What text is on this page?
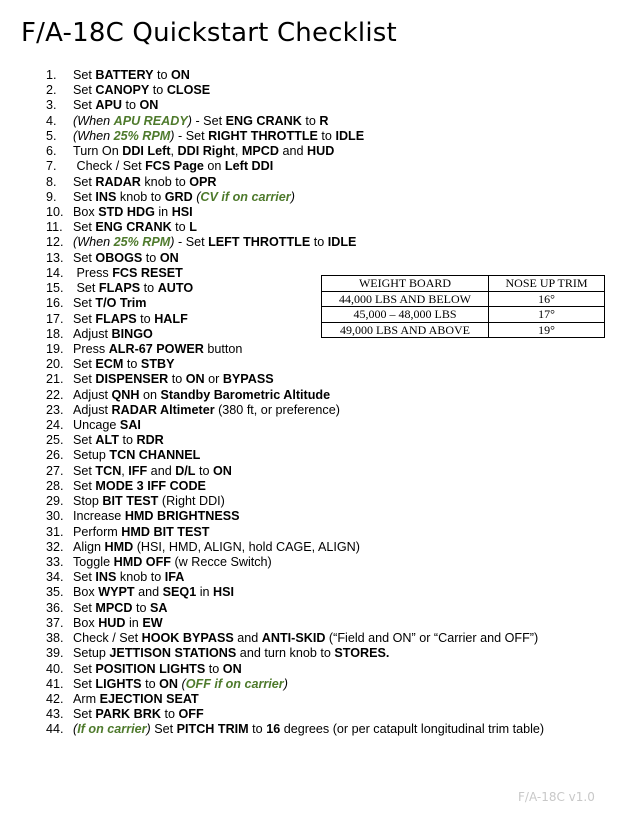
F/A-18C Quickstart Checklist
1. Set BATTERY to ON
2. Set CANOPY to CLOSE
3. Set APU to ON
4. (When APU READY) - Set ENG CRANK to R
5. (When 25% RPM) - Set RIGHT THROTTLE to IDLE
6. Turn On DDI Left, DDI Right, MPCD and HUD
7. Check / Set FCS Page on Left DDI
8. Set RADAR knob to OPR
9. Set INS knob to GRD (CV if on carrier)
10. Box STD HDG in HSI
11. Set ENG CRANK to L
12. (When 25% RPM) - Set LEFT THROTTLE to IDLE
13. Set OBOGS to ON
14. Press FCS RESET
15. Set FLAPS to AUTO
16. Set T/O Trim
17. Set FLAPS to HALF
18. Adjust BINGO
19. Press ALR-67 POWER button
20. Set ECM to STBY
21. Set DISPENSER to ON or BYPASS
22. Adjust QNH on Standby Barometric Altitude
23. Adjust RADAR Altimeter (380 ft, or preference)
24. Uncage SAI
25. Set ALT to RDR
26. Setup TCN CHANNEL
27. Set TCN, IFF and D/L to ON
28. Set MODE 3 IFF CODE
29. Stop BIT TEST (Right DDI)
30. Increase HMD BRIGHTNESS
31. Perform HMD BIT TEST
32. Align HMD (HSI, HMD, ALIGN, hold CAGE, ALIGN)
33. Toggle HMD OFF (w Recce Switch)
34. Set INS knob to IFA
35. Box WYPT and SEQ1 in HSI
36. Set MPCD to SA
37. Box HUD in EW
38. Check / Set HOOK BYPASS and ANTI-SKID (“Field and ON” or “Carrier and OFF”)
39. Setup JETTISON STATIONS and turn knob to STORES.
40. Set POSITION LIGHTS to ON
41. Set LIGHTS to ON (OFF if on carrier)
42. Arm EJECTION SEAT
43. Set PARK BRK to OFF
44. (If on carrier) Set PITCH TRIM to 16 degrees (or per catapult longitudinal trim table)
WEIGHT BOARD	NOSE UP TRIM
44,000 LBS AND BELOW	16°
45,000 – 48,000 LBS	17°
49,000 LBS AND ABOVE	19°
F/A-18C v1.0
